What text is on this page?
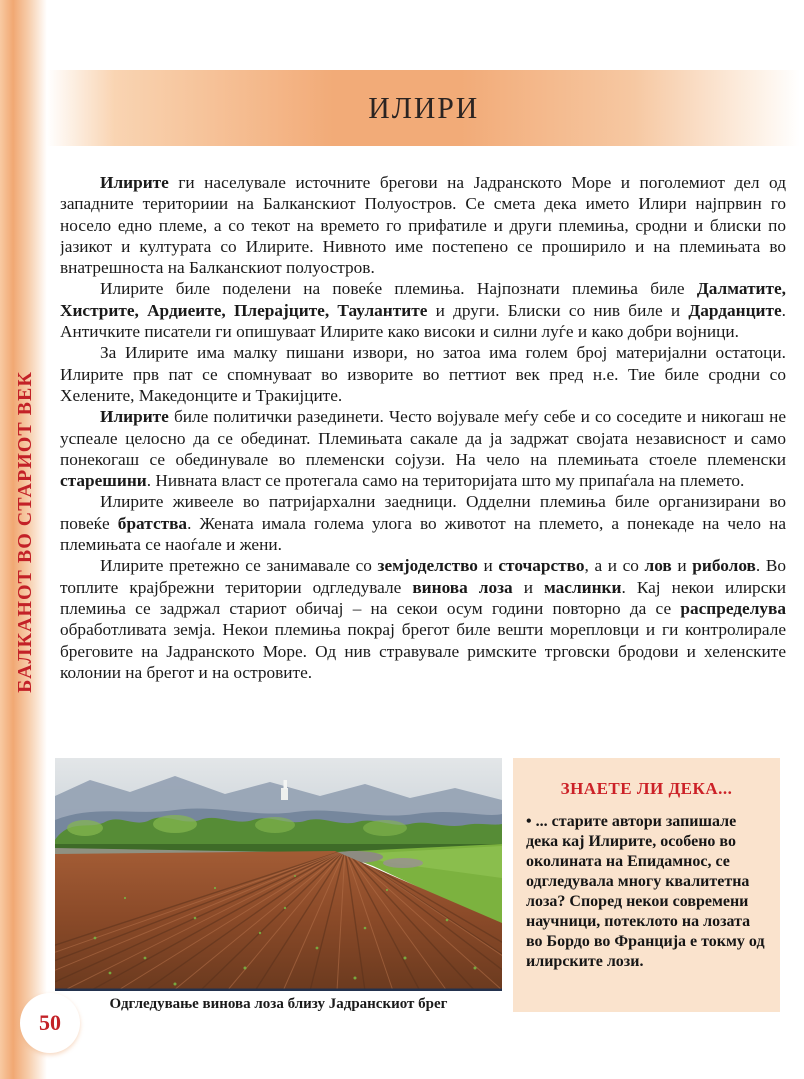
БАЛКАНОТ ВО СТАРИОТ ВЕК
ИЛИРИ

Илирите ги населувале источните брегови на Јадранското Море и поголемиот дел од западните териториии на Балканскиот Полуостров. Се смета дека името Илири најпрвин го носело едно племе, а со текот на времето го прифатиле и други племиња, сродни и блиски по јазикот и културата со Илирите. Нивното име постепено се проширило и на племињата во внатрешноста на Балканскиот полуостров.

Илирите биле поделени на повеќе племиња. Најпознати племиња биле Далматите, Хистрите, Ардиеите, Плерајците, Таулантите и други. Блиски со нив биле и Дарданците. Античките писатели ги опишуваат Илирите како високи и силни луѓе и како добри војници.

За Илирите има малку пишани извори, но затоа има голем број материјални остатоци. Илирите прв пат се спомнуваат во изворите во петтиот век пред н.е. Тие биле сродни со Хелените, Македонците и Тракијците.

Илирите биле политички разединети. Често војувале меѓу себе и со соседите и никогаш не успеале целосно да се обединат. Племињата сакале да ја задржат својата независност и само понекогаш се обединувале во племенски сојузи. На чело на племињата стоеле племенски старешини. Нивната власт се протегала само на територијата што му припаѓала на племето.

Илирите живееле во патријархални заедници. Одделни племиња биле организирани во повеќе братства. Жената имала голема улога во животот на племето, а понекаде на чело на племињата се наоѓале и жени.

Илирите претежно се занимавале со земјоделство и сточарство, а и со лов и риболов. Во топлите крајбрежни територии одгледувале винова лоза и маслинки. Кај некои илирски племиња се задржал стариот обичај – на секои осум години повторно да се распределува обработливата земја. Некои племиња покрај брегот биле вешти морепловци и ги контролирале бреговите на Јадранското Море. Од нив стравувале римските трговски бродови и хеленските колонии на брегот и на островите.

Одгледување винова лоза близу Јадранскиот брег
ЗНАЕТЕ ЛИ ДЕКА...
• ... старите автори запишале дека кај Илирите, особено во околината на Епидамнос, се одгледувала многу квалитетна лоза? Според некои современи научници, потеклото на лозата во Бордо во Франција е токму од илирските лози.
50
